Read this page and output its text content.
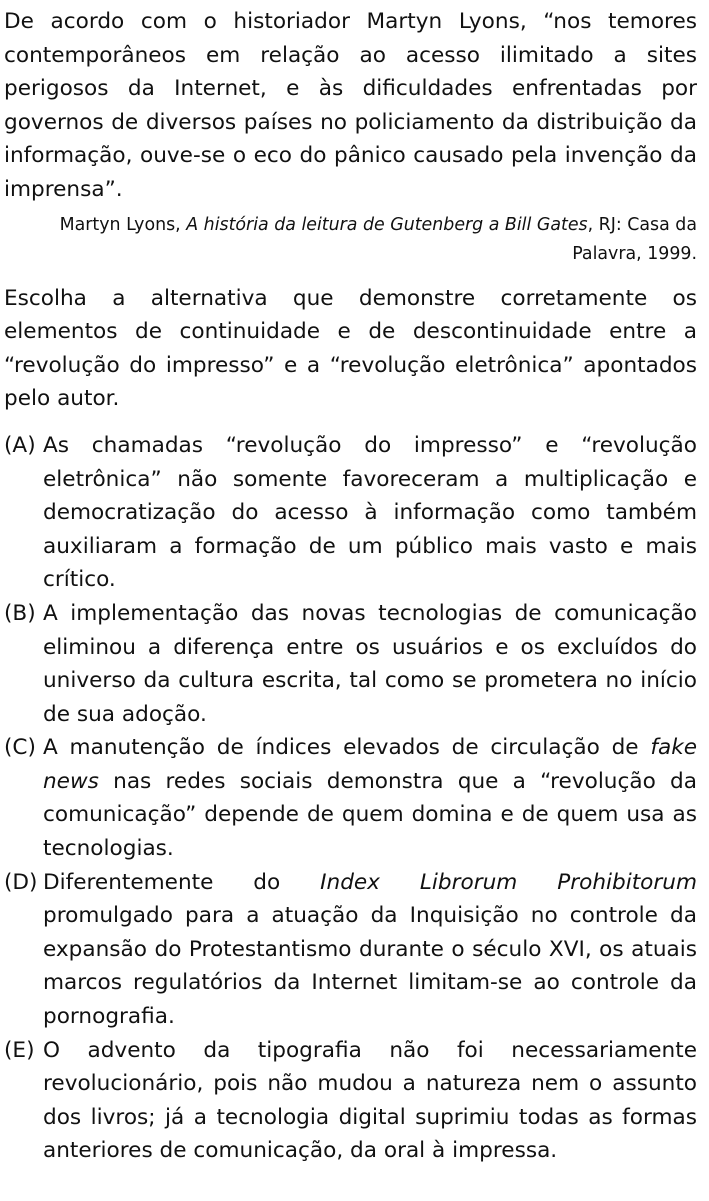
De acordo com o historiador Martyn Lyons, “nos temores contemporâneos em relação ao acesso ilimitado a sites perigosos da Internet, e às dificuldades enfrentadas por governos de diversos países no policiamento da distribuição da informação, ouve-se o eco do pânico causado pela invenção da imprensa”.

Martyn Lyons, A história da leitura de Gutenberg a Bill Gates, RJ: Casa da Palavra, 1999.

Escolha a alternativa que demonstre corretamente os elementos de continuidade e de descontinuidade entre a “revolução do impresso” e a “revolução eletrônica” apontados pelo autor.

(A) As chamadas “revolução do impresso” e “revolução eletrônica” não somente favoreceram a multiplicação e democratização do acesso à informação como também auxiliaram a formação de um público mais vasto e mais crítico.

(B) A implementação das novas tecnologias de comunicação eliminou a diferença entre os usuários e os excluídos do universo da cultura escrita, tal como se prometera no início de sua adoção.

(C) A manutenção de índices elevados de circulação de fake news nas redes sociais demonstra que a “revolução da comunicação” depende de quem domina e de quem usa as tecnologias.

(D) Diferentemente do Index Librorum Prohibitorum promulgado para a atuação da Inquisição no controle da expansão do Protestantismo durante o século XVI, os atuais marcos regulatórios da Internet limitam-se ao controle da pornografia.

(E) O advento da tipografia não foi necessariamente revolucionário, pois não mudou a natureza nem o assunto dos livros; já a tecnologia digital suprimiu todas as formas anteriores de comunicação, da oral à impressa.
